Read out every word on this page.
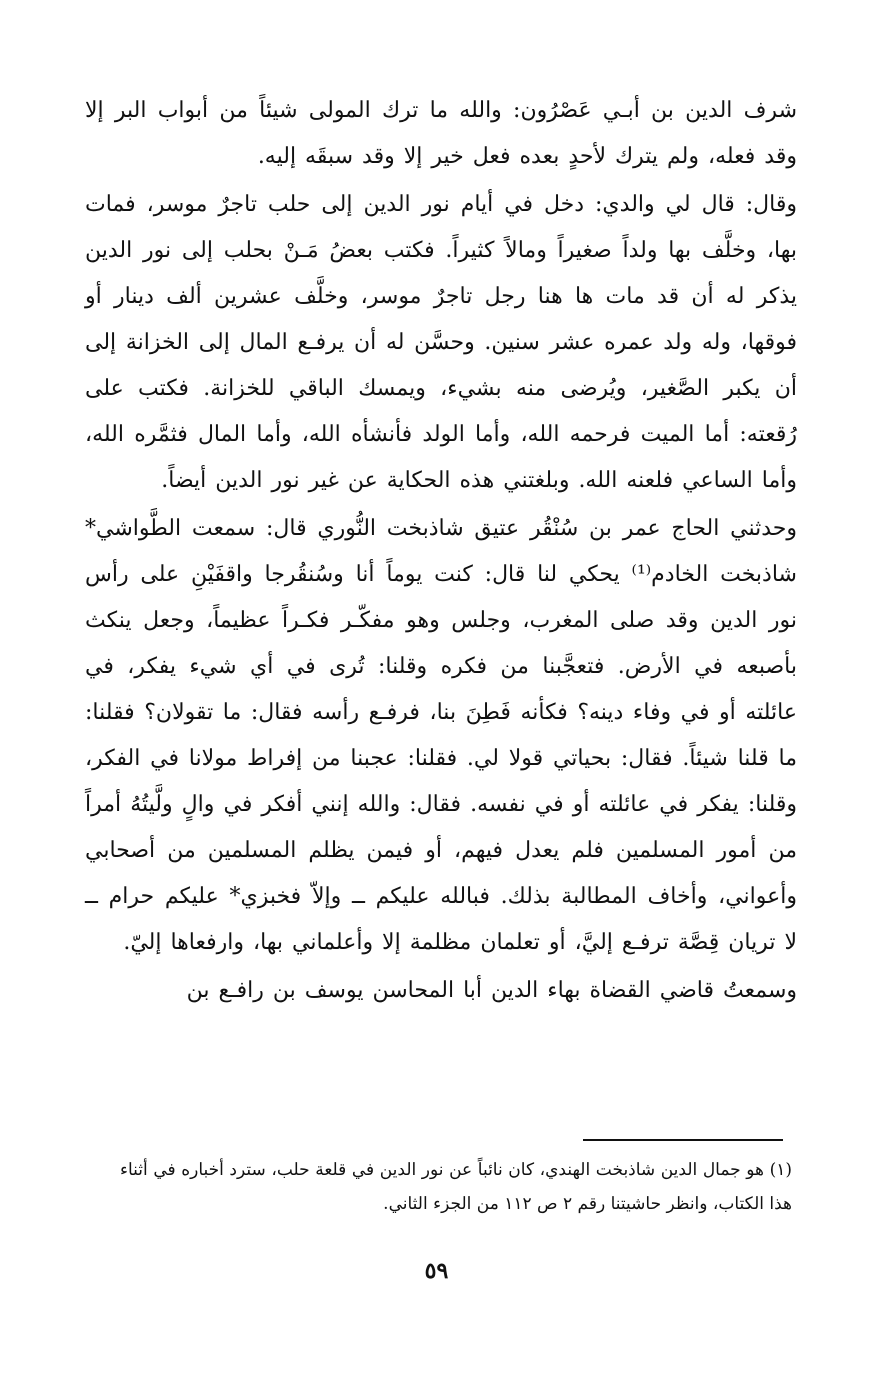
شرف الدين بن أبـي عَصْرُون: والله ما ترك المولى شيئاً من أبواب البر إلا وقد فعله، ولم يترك لأحدٍ بعده فعل خير إلا وقد سبقَه إليه.

وقال: قال لي والدي: دخل في أيام نور الدين إلى حلب تاجرٌ موسر، فمات بها، وخلَّف بها ولداً صغيراً ومالاً كثيراً. فكتب بعضُ مَـنْ بحلب إلى نور الدين يذكر له أن قد مات ها هنا رجل تاجرٌ موسر، وخلَّف عشرين ألف دينار أو فوقها، وله ولد عمره عشر سنين. وحسَّن له أن يرفـع المال إلى الخزانة إلى أن يكبر الصَّغير، ويُرضى منه بشيء، ويمسك الباقي للخزانة. فكتب على رُقعته: أما الميت فرحمه الله، وأما الولد فأنشأه الله، وأما المال فثمَّره الله، وأما الساعي فلعنه الله. وبلغتني هذه الحكاية عن غير نور الدين أيضاً.

وحدثني الحاج عمر بن سُنْقُر عتيق شاذبخت النُّوري قال: سمعت الطَّواشي* شاذبخت الخادم⁽¹⁾ يحكي لنا قال: كنت يوماً أنا وسُنقُرجا واقفَيْنِ على رأس نور الدين وقد صلى المغرب، وجلس وهو مفكّـر فكـراً عظيماً، وجعل ينكث بأصبعه في الأرض. فتعجَّبنا من فكره وقلنا: تُرى في أي شيء يفكر، في عائلته أو في وفاء دينه؟ فكأنه فَطِنَ بنا، فرفـع رأسه فقال: ما تقولان؟ فقلنا: ما قلنا شيئاً. فقال: بحياتي قولا لي. فقلنا: عجبنا من إفراط مولانا في الفكر، وقلنا: يفكر في عائلته أو في نفسه. فقال: والله إنني أفكر في والٍ ولَّيتُهُ أمراً من أمور المسلمين فلم يعدل فيهم، أو فيمن يظلم المسلمين من أصحابي وأعواني، وأخاف المطالبة بذلك. فبالله عليكم ــ وإلاّ فخبزي* عليكم حرام ــ لا تريان قِصَّة ترفـع إليَّ، أو تعلمان مظلمة إلا وأعلماني بها، وارفعاها إليّ.

وسمعتُ قاضي القضاة بهاء الدين أبا المحاسن يوسف بن رافـع بن

(١) هو جمال الدين شاذبخت الهندي، كان نائباً عن نور الدين في قلعة حلب، سترد أخباره في أثناء هذا الكتاب، وانظر حاشيتنا رقم ٢ ص ١١٢ من الجزء الثاني.

٥٩
